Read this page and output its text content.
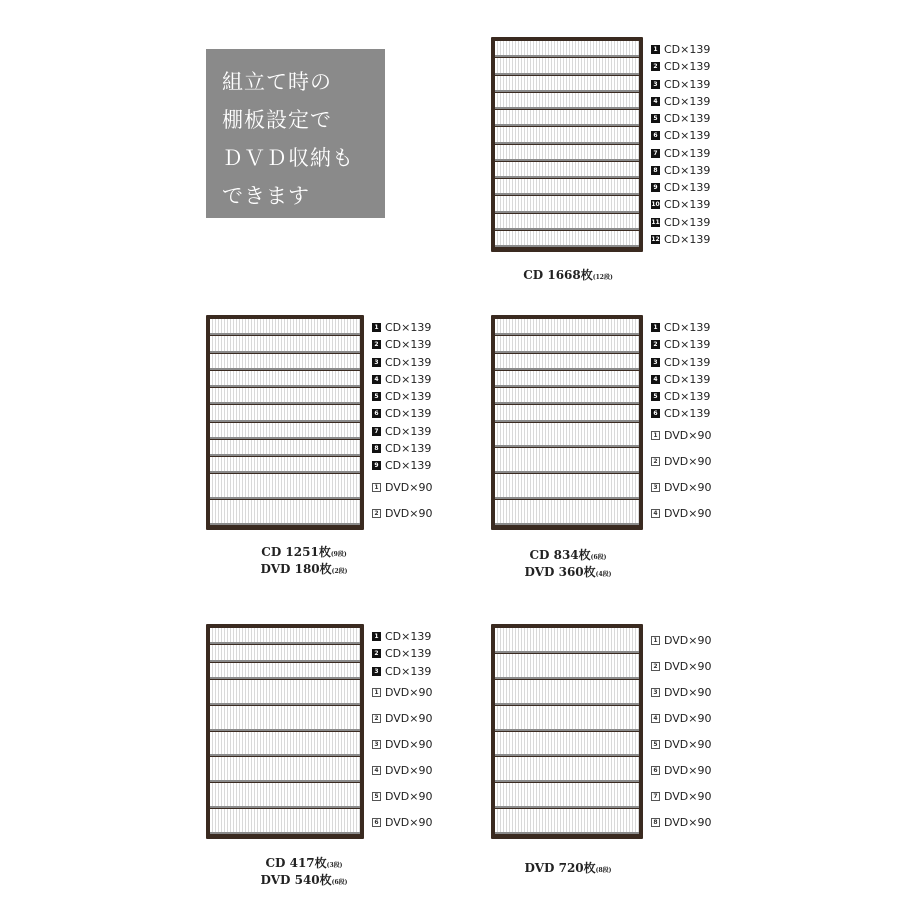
組立て時の
棚板設定で
ＤＶＤ収納も
できます
1 CD×139
2 CD×139
3 CD×139
4 CD×139
5 CD×139
6 CD×139
7 CD×139
8 CD×139
9 CD×139
10 CD×139
11 CD×139
12 CD×139
CD 1668枚(12段)
1 CD×139
2 CD×139
3 CD×139
4 CD×139
5 CD×139
6 CD×139
7 CD×139
8 CD×139
9 CD×139
1 DVD×90
2 DVD×90
CD 1251枚(9段)
DVD 180枚(2段)
1 CD×139
2 CD×139
3 CD×139
4 CD×139
5 CD×139
6 CD×139
1 DVD×90
2 DVD×90
3 DVD×90
4 DVD×90
CD 834枚(6段)
DVD 360枚(4段)
1 CD×139
2 CD×139
3 CD×139
1 DVD×90
2 DVD×90
3 DVD×90
4 DVD×90
5 DVD×90
6 DVD×90
CD 417枚(3段)
DVD 540枚(6段)
1 DVD×90
2 DVD×90
3 DVD×90
4 DVD×90
5 DVD×90
6 DVD×90
7 DVD×90
8 DVD×90
DVD 720枚(8段)
